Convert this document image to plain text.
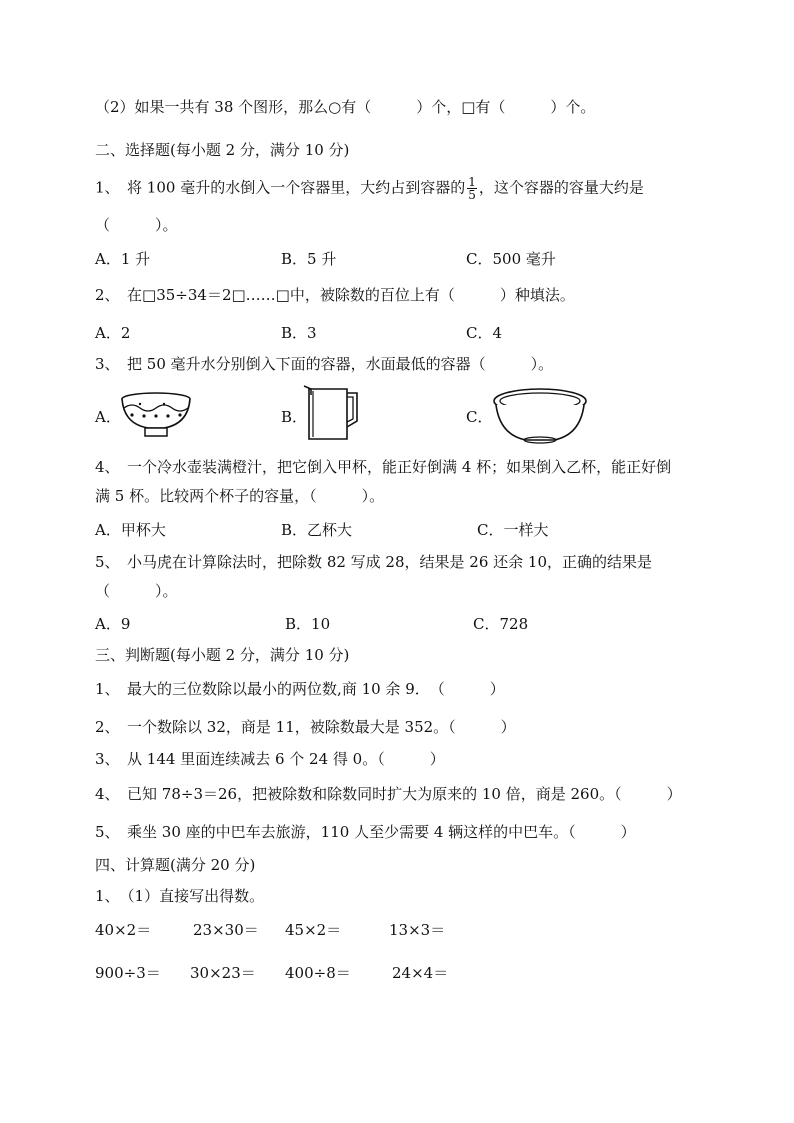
（2）如果一共有 38 个图形，那么○有（　　　）个，□有（　　　）个。
二、选择题(每小题 2 分，满分 10 分)
1、　将 100 毫升的水倒入一个容器里，大约占到容器的 $\frac{1}{5}$ ，这个容器的容量大约是
（　　　）。
A．1 升	B．5 升	C．500 毫升
2、　在□35÷34＝2□……□中，被除数的百位上有（　　　）种填法。
A．2	B．3	C．4
3、　把 50 毫升水分别倒入下面的容器，水面最低的容器（　　　）。
A．	B．	C．
4、　一个冷水壶装满橙汁，把它倒入甲杯，能正好倒满 4 杯；如果倒入乙杯，能正好倒
满 5 杯。比较两个杯子的容量，（　　　）。
A．甲杯大	B．乙杯大	C．一样大
5、　小马虎在计算除法时，把除数 82 写成 28，结果是 26 还余 10，正确的结果是
（　　　）。
A．9	B．10	C．728
三、判断题(每小题 2 分，满分 10 分)
1、　最大的三位数除以最小的两位数,商 10 余 9．　（　　　）
2、　一个数除以 32，商是 11，被除数最大是 352。（　　　）
3、　从 144 里面连续减去 6 个 24 得 0。（　　　）
4、　已知 78÷3＝26，把被除数和除数同时扩大为原来的 10 倍，商是 260。（　　　）
5、　乘坐 30 座的中巴车去旅游，110 人至少需要 4 辆这样的中巴车。（　　　）
四、计算题(满分 20 分)
1、　（1）直接写出得数。
40×2＝	23×30＝ 45×2＝	13×3＝
900÷3＝ 30×23＝ 400÷8＝	24×4＝
